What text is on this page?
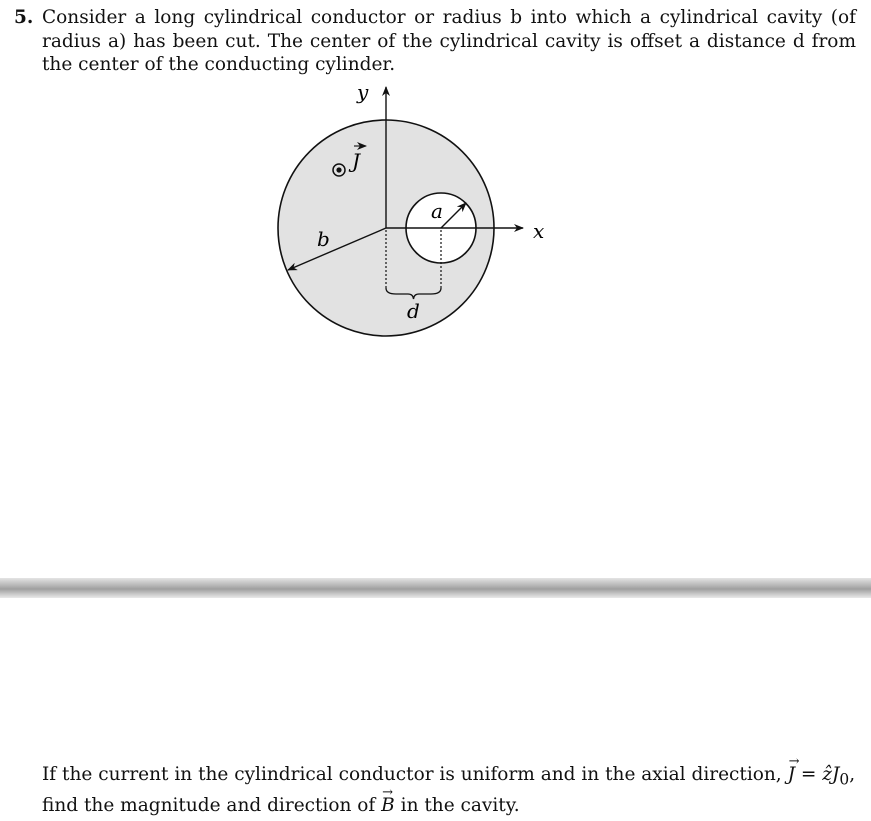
5. Consider a long cylindrical conductor or radius b into which a cylindrical cavity (of radius a) has been cut. The center of the cylindrical cavity is offset a distance d from the center of the conducting cylinder.
J
y
x
b
a
d
If the current in the cylindrical conductor is uniform and in the axial direction, → J = ẑJ$_0$,
find the magnitude and direction of → B in the cavity.
